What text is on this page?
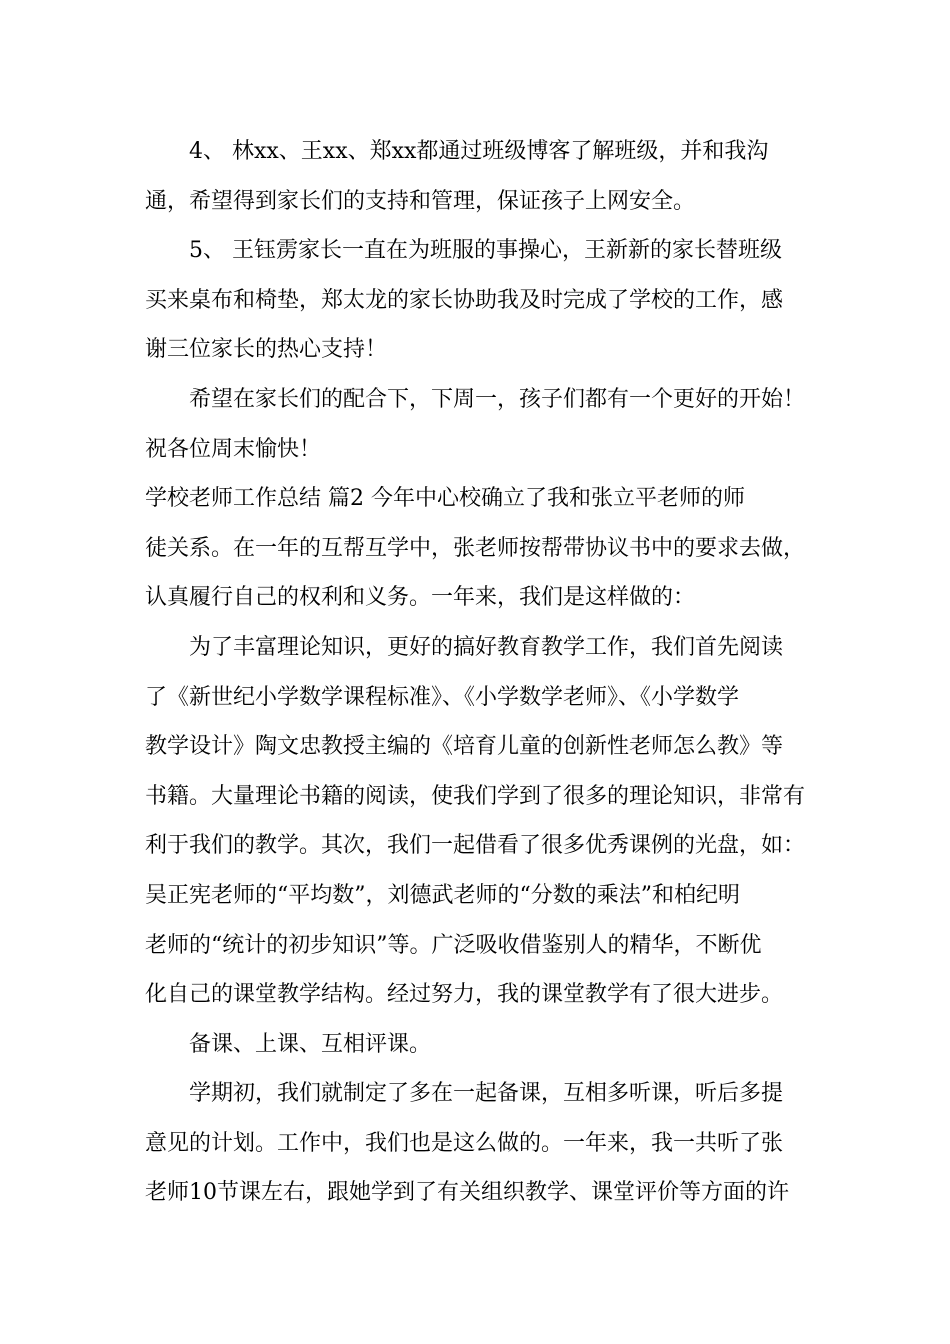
4、 林xx、王xx、郑xx都通过班级博客了解班级，并和我沟
通，希望得到家长们的支持和管理，保证孩子上网安全。
5、 王钰雳家长一直在为班服的事操心，王新新的家长替班级
买来桌布和椅垫，郑太龙的家长协助我及时完成了学校的工作，感
谢三位家长的热心支持！
希望在家长们的配合下，下周一，孩子们都有一个更好的开始！
祝各位周末愉快！
学校老师工作总结 篇2 今年中心校确立了我和张立平老师的师
徒关系。在一年的互帮互学中，张老师按帮带协议书中的要求去做，
认真履行自己的权利和义务。一年来，我们是这样做的：
为了丰富理论知识，更好的搞好教育教学工作，我们首先阅读
了《新世纪小学数学课程标准》、《小学数学老师》、《小学数学
教学设计》陶文忠教授主编的《培育儿童的创新性老师怎么教》等
书籍。大量理论书籍的阅读，使我们学到了很多的理论知识，非常有
利于我们的教学。其次，我们一起借看了很多优秀课例的光盘，如：
吴正宪老师的“平均数”，刘德武老师的“分数的乘法”和柏纪明
老师的“统计的初步知识”等。广泛吸收借鉴别人的精华，不断优
化自己的课堂教学结构。经过努力，我的课堂教学有了很大进步。
备课、上课、互相评课。
学期初，我们就制定了多在一起备课，互相多听课，听后多提
意见的计划。工作中，我们也是这么做的。一年来，我一共听了张
老师10节课左右，跟她学到了有关组织教学、课堂评价等方面的许
